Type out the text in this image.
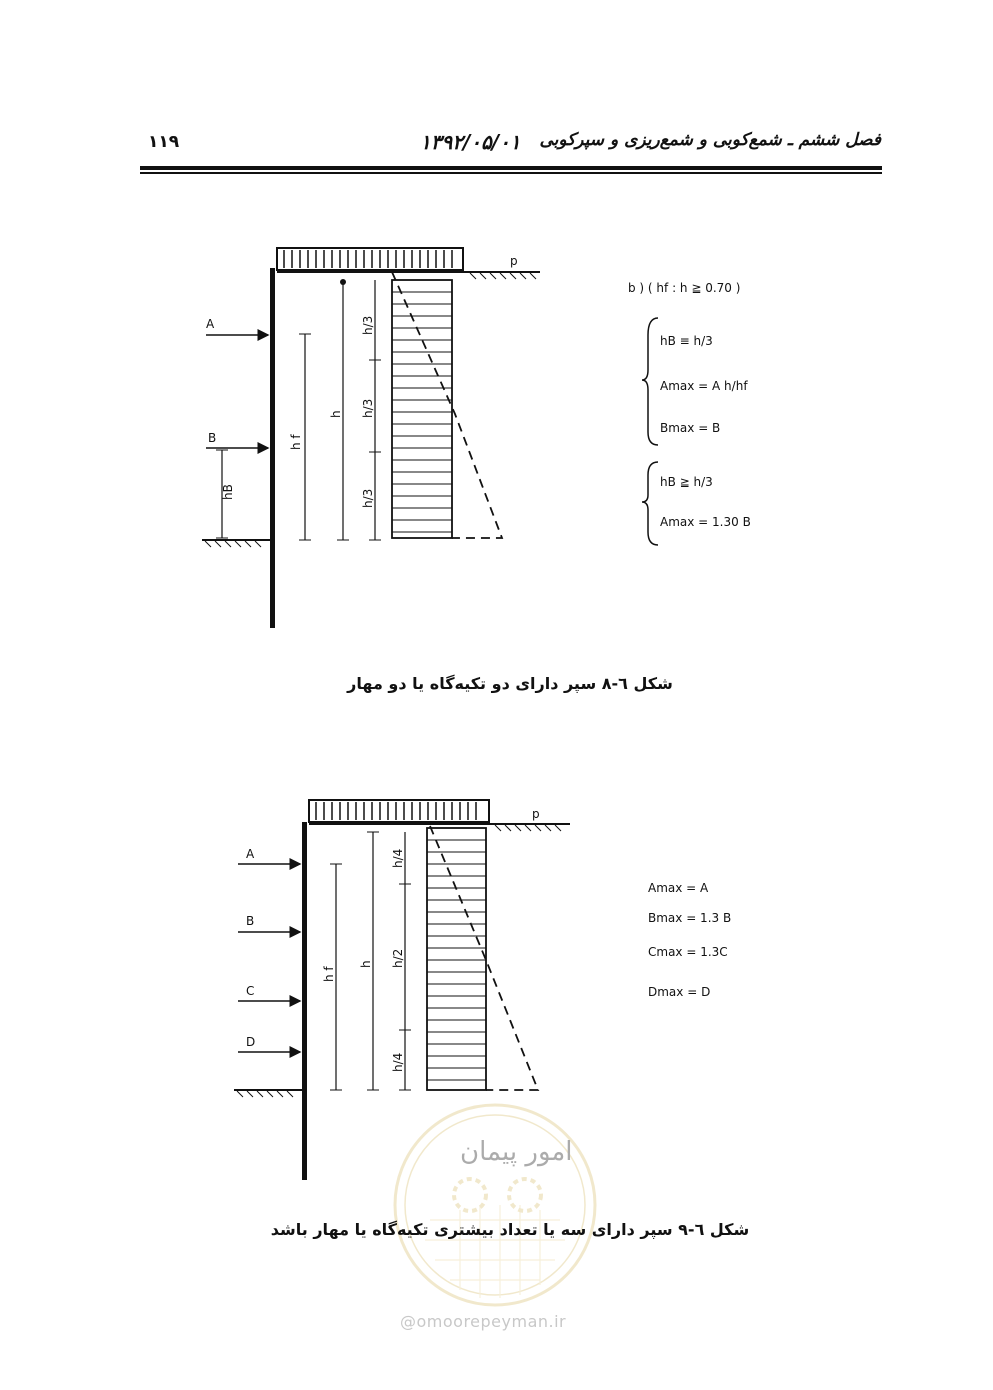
۱۱۹	۱۳۹۲/۰۵/۰۱ فصل ششم ـ شمع‌کوبی و شمع‌ریزی و سپرکوبی
p
A
B
hB
h f
h
h/3
h/3
h/3
b ) ( hf : h ≧ 0.70 )
hB ≡ h/3
Amax = A h/hf
Bmax = B
hB ≧ h/3
Amax = 1.30 B
شکل ٦-٨ سپر دارای دو تکیه‌گاه یا دو مهار
امور پیمان
@omoorepeyman.ir
p
A
B
C
D
h f
h
h/4
h/2
h/4
Amax = A
Bmax = 1.3 B
Cmax = 1.3C
Dmax = D
شکل ٦-٩ سپر دارای سه یا تعداد بیشتری تکیه‌گاه یا مهار باشد
